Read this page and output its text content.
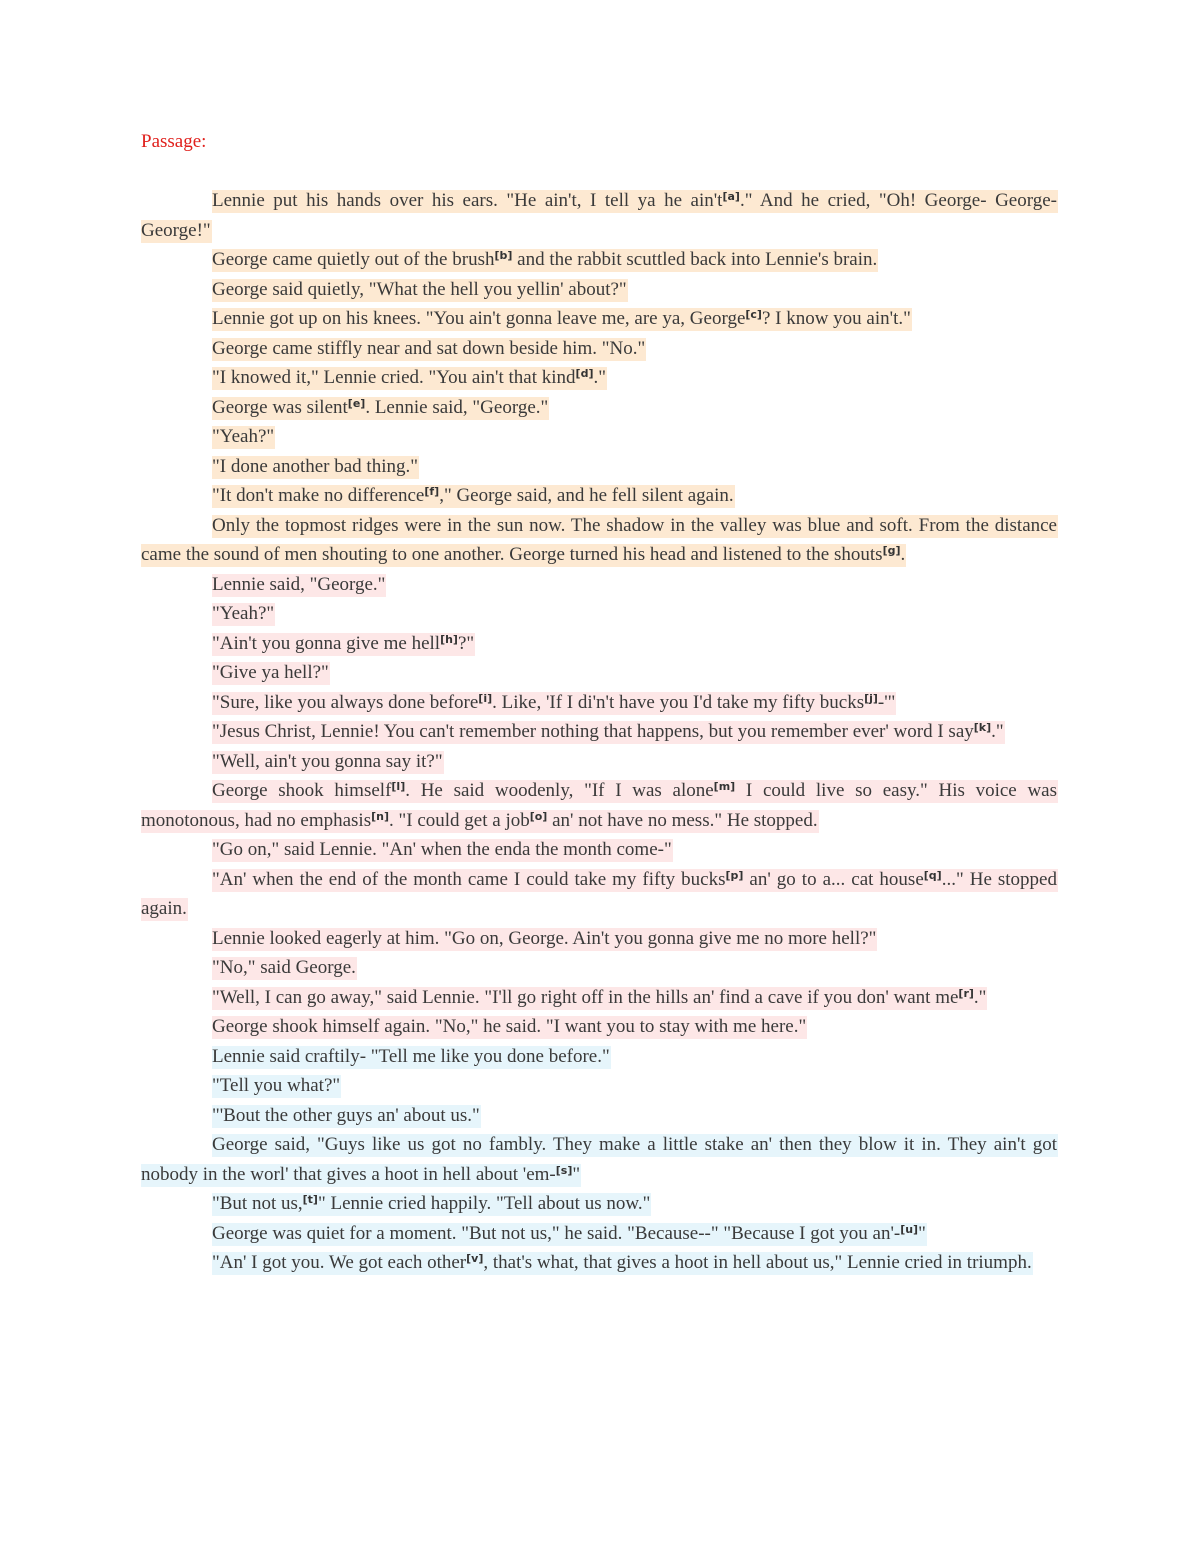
Passage:

Lennie put his hands over his ears. "He ain't, I tell ya he ain't[a]." And he cried, "Oh! George- George- George!"

George came quietly out of the brush[b] and the rabbit scuttled back into Lennie's brain.

George said quietly, "What the hell you yellin' about?"

Lennie got up on his knees. "You ain't gonna leave me, are ya, George[c]? I know you ain't."

George came stiffly near and sat down beside him. "No."

"I knowed it," Lennie cried. "You ain't that kind[d]."

George was silent[e]. Lennie said, "George."

"Yeah?"

"I done another bad thing."

"It don't make no difference[f]," George said, and he fell silent again.

Only the topmost ridges were in the sun now. The shadow in the valley was blue and soft. From the distance came the sound of men shouting to one another. George turned his head and listened to the shouts[g].

Lennie said, "George."

"Yeah?"

"Ain't you gonna give me hell[h]?"

"Give ya hell?"

"Sure, like you always done before[i]. Like, 'If I di'n't have you I'd take my fifty bucks[j]-'"

"Jesus Christ, Lennie! You can't remember nothing that happens, but you remember ever' word I say[k]."

"Well, ain't you gonna say it?"

George shook himself[l]. He said woodenly, "If I was alone[m] I could live so easy." His voice was monotonous, had no emphasis[n]. "I could get a job[o] an' not have no mess." He stopped.

"Go on," said Lennie. "An' when the enda the month come-"

"An' when the end of the month came I could take my fifty bucks[p] an' go to a... cat house[q]..." He stopped again.

Lennie looked eagerly at him. "Go on, George. Ain't you gonna give me no more hell?"

"No," said George.

"Well, I can go away," said Lennie. "I'll go right off in the hills an' find a cave if you don' want me[r]."

George shook himself again. "No," he said. "I want you to stay with me here."

Lennie said craftily- "Tell me like you done before."

"Tell you what?"

"'Bout the other guys an' about us."

George said, "Guys like us got no fambly. They make a little stake an' then they blow it in. They ain't got nobody in the worl' that gives a hoot in hell about 'em-[s]"

"But not us,[t]" Lennie cried happily. "Tell about us now."

George was quiet for a moment. "But not us," he said. "Because--" "Because I got you an'-[u]"

"An' I got you. We got each other[v], that's what, that gives a hoot in hell about us," Lennie cried in triumph.
